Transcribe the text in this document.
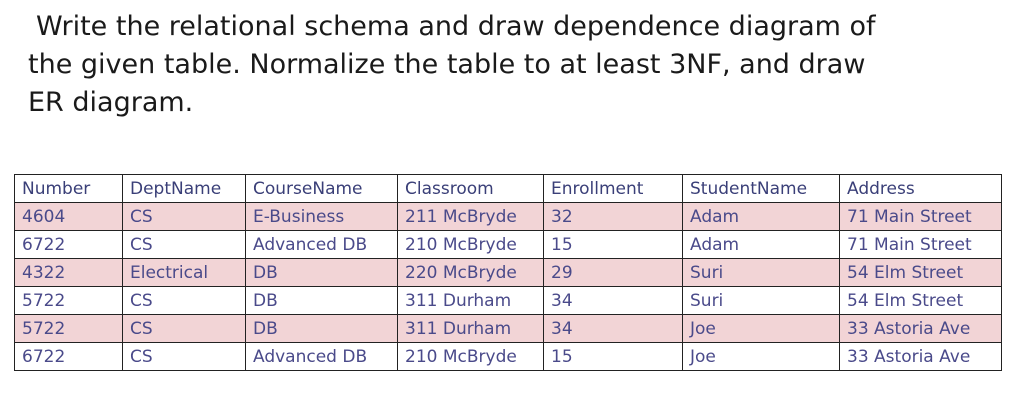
Write the relational schema and draw dependence diagram of
the given table. Normalize the table to at least 3NF, and draw
ER diagram.
Number	DeptName	CourseName	Classroom	Enrollment	StudentName	Address
4604	CS	E-Business	211 McBryde	32	Adam	71 Main Street
6722	CS	Advanced DB	210 McBryde	15	Adam	71 Main Street
4322	Electrical	DB	220 McBryde	29	Suri	54 Elm Street
5722	CS	DB	311 Durham	34	Suri	54 Elm Street
5722	CS	DB	311 Durham	34	Joe	33 Astoria Ave
6722	CS	Advanced DB	210 McBryde	15	Joe	33 Astoria Ave
